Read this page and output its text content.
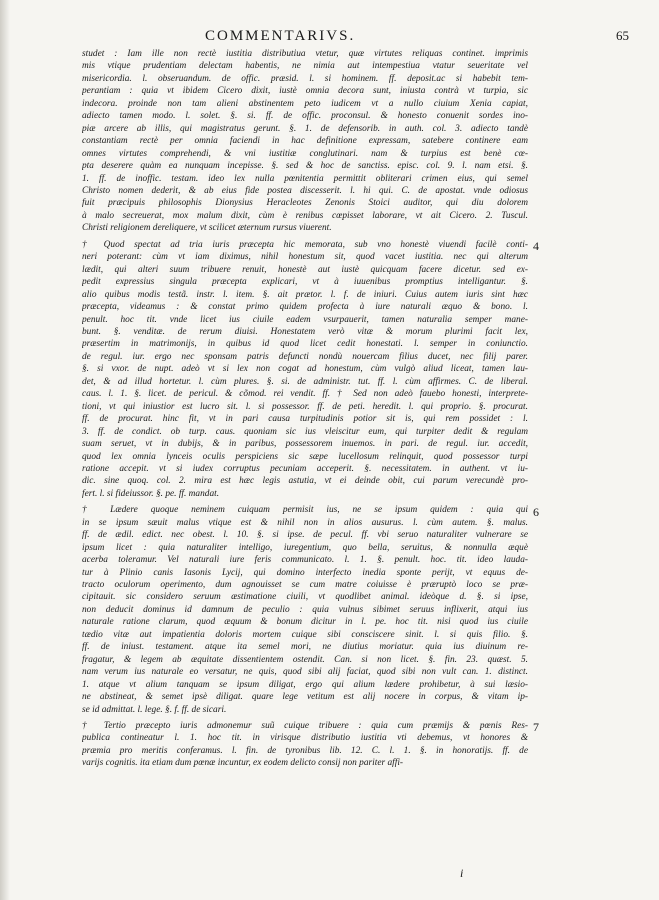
COMMENTARIVS.	65
studet : Iam ille non rectè iustitia distributiua vtetur, quæ virtutes reliquas continet. imprimis
mis vtique prudentiam delectam habentis, ne nimia aut intempestiua vtatur seueritate vel
misericordia. l. obseruandum. de offic. præsid. l. si hominem. ff. deposit.ac si habebit tem-
perantiam : quia vt ibidem Cicero dixit, iustè omnia decora sunt, iniusta contrà vt turpia, sic
indecora. proinde non tam alieni abstinentem peto iudicem vt a nullo ciuium Xenia capiat,
adiecto tamen modo. l. solet. §. si. ff. de offic. proconsul. & honesto conuenit sordes ino-
piæ arcere ab illis, qui magistratus gerunt. §. 1. de defensorib. in auth. col. 3. adiecto tandè
constantiam rectè per omnia faciendi in hac definitione expressam, satebere continere eam
omnes virtutes comprehendi, & vni iustitiæ conglutinari. nam & turpius est benè cœ-
pta deserere quàm ea nunquam incepisse. §. sed & hoc de sanctiss. episc. col. 9. l. nam etsi. §.
1. ff. de inoffic. testam. ideo lex nulla pœnitentia permittit obliterari crimen eius, qui semel
Christo nomen dederit, & ab eius fide postea discesserit. l. hi qui. C. de apostat. vnde odiosus
fuit præcipuis philosophis Dionysius Heracleotes Zenonis Stoici auditor, qui diu dolorem
à malo secreuerat, mox malum dixit, cùm è renibus cœpisset laborare, vt ait Cicero. 2. Tuscul.
Christi religionem dereliquere, vt scilicet æternum rursus viuerent.
† Quod spectat ad tria iuris præcepta hic memorata, sub vno honestè viuendi facilè conti-
neri poterant: cùm vt iam diximus, nihil honestum sit, quod vacet iustitia. nec qui alterum
lædit, qui alteri suum tribuere renuit, honestè aut iustè quicquam facere dicetur. sed ex-
pedit expressius singula præcepta explicari, vt à iuuenibus promptius intelligantur. §.
alio quibus modis testã. instr. l. item. §. ait prætor. l. f. de iniuri. Cuius autem iuris sint hæc
præcepta, videamus : & constat primo quidem profecta à iure naturali æquo & bono. l.
penult. hoc tit. vnde licet ius ciuile eadem vsurpauerit, tamen naturalia semper mane-
bunt. §. venditæ. de rerum diuisi. Honestatem verò vitæ & morum plurimi facit lex,
præsertim in matrimonijs, in quibus id quod licet cedit honestati. l. semper in coniunctio.
de regul. iur. ergo nec sponsam patris defuncti nondù nouercam filius ducet, nec filij parer.
§. si vxor. de nupt. adeò vt si lex non cogat ad honestum, cùm vulgò aliud liceat, tamen lau-
det, & ad illud hortetur. l. cùm plures. §. si. de administr. tut. ff. l. cùm affirmes. C. de liberal.
caus. l. 1. §. licet. de pericul. & cõmod. rei vendit. ff. † Sed non adeò fauebo honesti, interprete-
tioni, vt qui iniustior est lucro sit. l. si possessor. ff. de peti. heredit. l. qui proprio. §. procurat.
ff. de procurat. hinc fit, vt in pari causa turpitudinis potior sit is, qui rem possidet : l.
3. ff. de condict. ob turp. caus. quoniam sic ius vleiscitur eum, qui turpiter dedit & regulam
suam seruet, vt in dubijs, & in paribus, possessorem inuemos. in pari. de regul. iur. accedit,
quod lex omnia lynceis oculis perspiciens sic sæpe lucellosum relinquit, quod possessor turpi
ratione accepit. vt si iudex corruptus pecuniam acceperit. §. necessitatem. in authent. vt iu-
dic. sine quoq. col. 2. mira est hæc legis astutia, vt ei deinde obit, cui parum verecundè pro-
fert. l. si fideiussor. §. pe. ff. mandat.
† Lædere quoque neminem cuiquam permisit ius, ne se ipsum quidem : quia qui
in se ipsum sæuit malus vtique est & nihil non in alios ausurus. l. cùm autem. §. malus.
ff. de ædil. edict. nec obest. l. 10. §. si ipse. de pecul. ff. vbi seruo naturaliter vulnerare se
ipsum licet : quia naturaliter intelligo, iuregentium, quo bella, seruitus, & nonnulla æquè
acerba toleramur. Vel naturali iure feris communicato. l. 1. §. penult. hoc. tit. ideo lauda-
tur à Plinio canis Iasonis Lycij, qui domino interfecto inedia sponte perijt, vt equus de-
tracto oculorum operimento, dum agnouisset se cum matre coiuisse è præruptò loco se præ-
cipitauit. sic considero seruum æstimatione ciuili, vt quodlibet animal. ideòque d. §. si ipse,
non deducit dominus id damnum de peculio : quia vulnus sibimet seruus inflixerit, atqui ius
naturale ratione clarum, quod æquum & bonum dicitur in l. pe. hoc tit. nisi quod ius ciuile
tædio vitæ aut impatientia doloris mortem cuique sibi consciscere sinit. l. si quis filio. §.
ff. de iniust. testament. atque ita semel mori, ne diutius moriatur. quia ius diuinum re-
fragatur, & legem ab æquitate dissentientem ostendit. Can. si non licet. §. fin. 23. quæst. 5.
nam verum ius naturale eo versatur, ne quis, quod sibi alij faciat, quod sibi non vult can. 1. distinct.
1. atque vt alium tanquam se ipsum diligat, ergo qui alium lædere prohibetur, à sui læsio-
ne abstineat, & semet ipsè diligat. quare lege vetitum est alij nocere in corpus, & vitam ip-
se id admittat. l. lege. §. f. ff. de sicari.
† Tertio præcepto iuris admonemur suũ cuique tribuere : quia cum præmijs & pœnis Res-
publica contineatur l. 1. hoc tit. in virisque distributio iustitia vti debemus, vt honores &
præmia pro meritis conferamus. l. fin. de tyronibus lib. 12. C. l. 1. §. in honoratijs. ff. de
varijs cognitis. ita etiam dum pœnæ incuntur, ex eodem delicto consij non pariter affi-
i
4
6
7
